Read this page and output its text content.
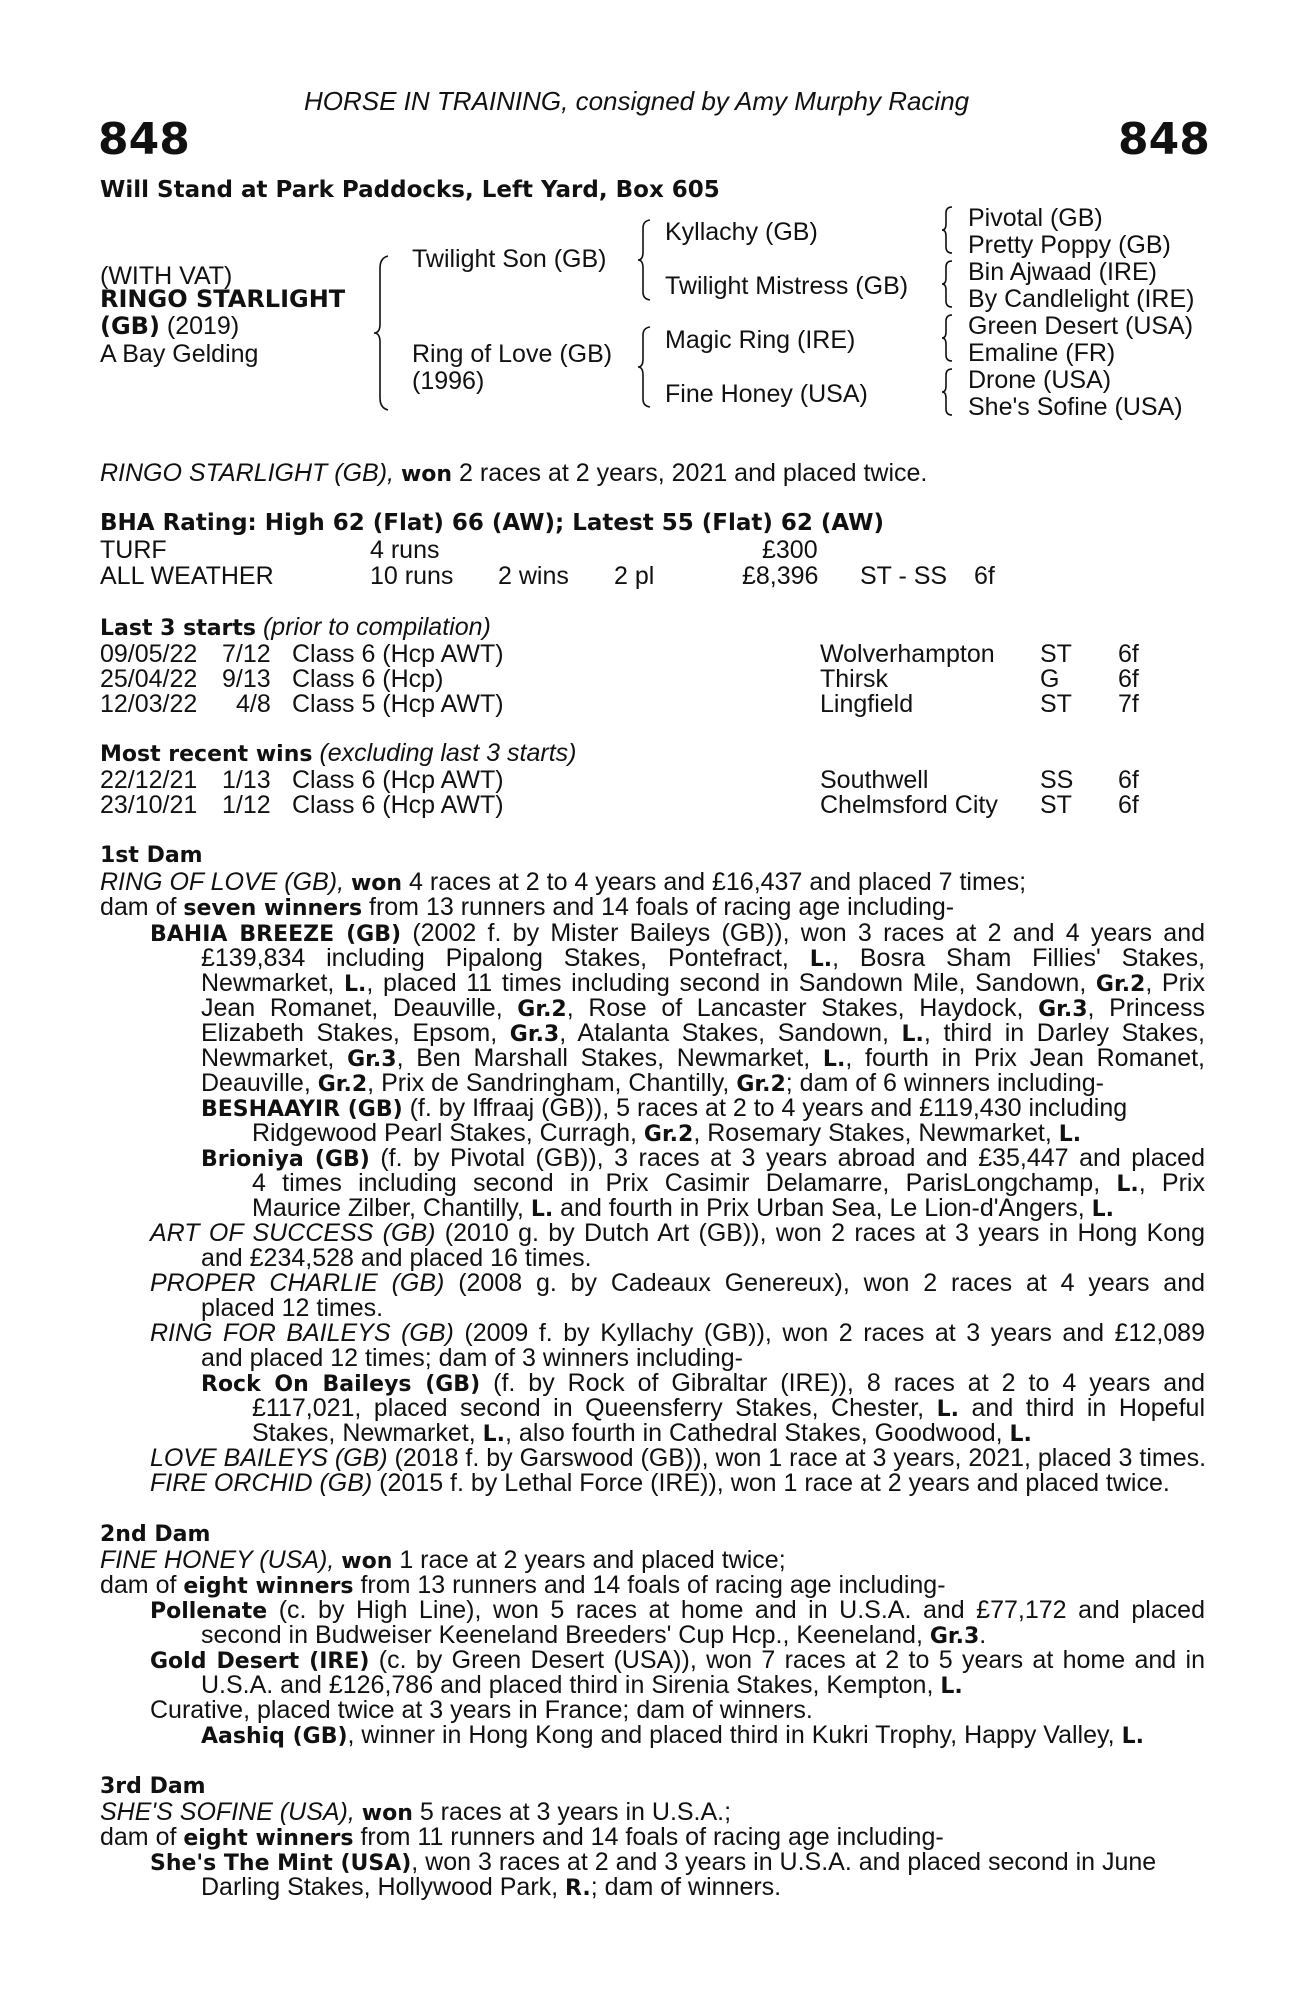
HORSE IN TRAINING, consigned by Amy Murphy Racing
848	848
Will Stand at Park Paddocks, Left Yard, Box 605
(WITH VAT)
RINGO STARLIGHT
(GB) (2019)
A Bay Gelding
Twilight Son (GB)
Ring of Love (GB)
(1996)
Kyllachy (GB)
Twilight Mistress (GB)
Magic Ring (IRE)
Fine Honey (USA)
Pivotal (GB)
Pretty Poppy (GB)
Bin Ajwaad (IRE)
By Candlelight (IRE)
Green Desert (USA)
Emaline (FR)
Drone (USA)
She's Sofine (USA)
RINGO STARLIGHT (GB), won 2 races at 2 years, 2021 and placed twice.
BHA Rating: High 62 (Flat) 66 (AW); Latest 55 (Flat) 62 (AW)
TURF	4 runs	£300
ALL WEATHER	10 runs 2 wins 2 pl	£8,396 ST - SS 6f
Last 3 starts (prior to compilation)
09/05/22 7/12 Class 6 (Hcp AWT)	Wolverhampton ST 6f
25/04/22 9/13 Class 6 (Hcp)	Thirsk	G 6f
12/03/22 4/8 Class 5 (Hcp AWT)	Lingfield	ST 7f
Most recent wins (excluding last 3 starts)
22/12/21 1/13 Class 6 (Hcp AWT)	Southwell	SS 6f
23/10/21 1/12 Class 6 (Hcp AWT)	Chelmsford City ST 6f
1st Dam
RING OF LOVE (GB), won 4 races at 2 to 4 years and £16,437 and placed 7 times;
dam of seven winners from 13 runners and 14 foals of racing age including-
BAHIA BREEZE (GB) (2002 f. by Mister Baileys (GB)), won 3 races at 2 and 4 years and
£139,834 including Pipalong Stakes, Pontefract, L., Bosra Sham Fillies' Stakes,
Newmarket, L., placed 11 times including second in Sandown Mile, Sandown, Gr.2, Prix
Jean Romanet, Deauville, Gr.2, Rose of Lancaster Stakes, Haydock, Gr.3, Princess
Elizabeth Stakes, Epsom, Gr.3, Atalanta Stakes, Sandown, L., third in Darley Stakes,
Newmarket, Gr.3, Ben Marshall Stakes, Newmarket, L., fourth in Prix Jean Romanet,
Deauville, Gr.2, Prix de Sandringham, Chantilly, Gr.2; dam of 6 winners including-
BESHAAYIR (GB) (f. by Iffraaj (GB)), 5 races at 2 to 4 years and £119,430 including
Ridgewood Pearl Stakes, Curragh, Gr.2, Rosemary Stakes, Newmarket, L.
Brioniya (GB) (f. by Pivotal (GB)), 3 races at 3 years abroad and £35,447 and placed
4 times including second in Prix Casimir Delamarre, ParisLongchamp, L., Prix
Maurice Zilber, Chantilly, L. and fourth in Prix Urban Sea, Le Lion-d'Angers, L.
ART OF SUCCESS (GB) (2010 g. by Dutch Art (GB)), won 2 races at 3 years in Hong Kong
and £234,528 and placed 16 times.
PROPER CHARLIE (GB) (2008 g. by Cadeaux Genereux), won 2 races at 4 years and
placed 12 times.
RING FOR BAILEYS (GB) (2009 f. by Kyllachy (GB)), won 2 races at 3 years and £12,089
and placed 12 times; dam of 3 winners including-
Rock On Baileys (GB) (f. by Rock of Gibraltar (IRE)), 8 races at 2 to 4 years and
£117,021, placed second in Queensferry Stakes, Chester, L. and third in Hopeful
Stakes, Newmarket, L., also fourth in Cathedral Stakes, Goodwood, L.
LOVE BAILEYS (GB) (2018 f. by Garswood (GB)), won 1 race at 3 years, 2021, placed 3 times.
FIRE ORCHID (GB) (2015 f. by Lethal Force (IRE)), won 1 race at 2 years and placed twice.
2nd Dam
FINE HONEY (USA), won 1 race at 2 years and placed twice;
dam of eight winners from 13 runners and 14 foals of racing age including-
Pollenate (c. by High Line), won 5 races at home and in U.S.A. and £77,172 and placed
second in Budweiser Keeneland Breeders' Cup Hcp., Keeneland, Gr.3.
Gold Desert (IRE) (c. by Green Desert (USA)), won 7 races at 2 to 5 years at home and in
U.S.A. and £126,786 and placed third in Sirenia Stakes, Kempton, L.
Curative, placed twice at 3 years in France; dam of winners.
Aashiq (GB), winner in Hong Kong and placed third in Kukri Trophy, Happy Valley, L.
3rd Dam
SHE'S SOFINE (USA), won 5 races at 3 years in U.S.A.;
dam of eight winners from 11 runners and 14 foals of racing age including-
She's The Mint (USA), won 3 races at 2 and 3 years in U.S.A. and placed second in June
Darling Stakes, Hollywood Park, R.; dam of winners.
